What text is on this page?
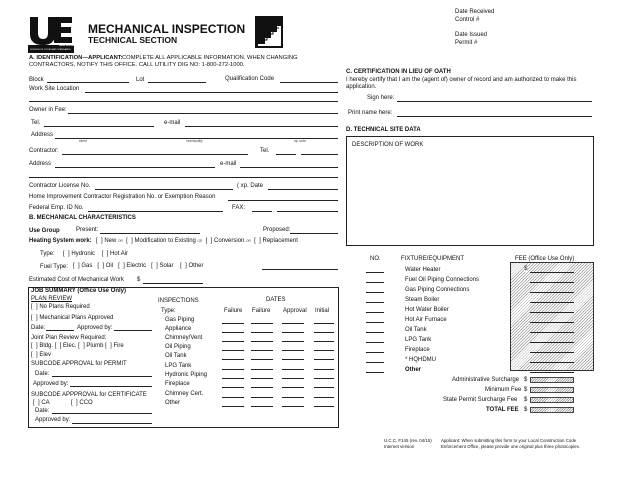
NEW JERSEY
DIVISION OF CODES AND STANDARDS
MECHANICAL INSPECTION
TECHNICAL SECTION
Date Received
Control #
Date Issued
Permit #
A. IDENTIFICATION—APPLICANT: COMPLETE ALL APPLICABLE INFORMATION. WHEN CHANGING
CONTRACTORS, NOTIFY THIS OFFICE. CALL UTILITY DIG NO: 1-800-272-1000.
Block	Lot	Qualification Code
Work Site Location
Owner in Fee:
Tel.	e-mail
Address
street	municipality	zip code
Contractor:	Tel.
Address	e-mail
Contractor License No.	( xp. Date
Home Improvement Contractor Registration No. or Exemption Reason
Federal Emp. ID No.	FAX:
B. MECHANICAL CHARACTERISTICS
Use Group	Present:	Proposed:
Heating System work: [  ] New OR  [  ] Modification to Existing OR  [  ] Conversion OR  [  ] Replacement
Type: [  ] Hydronic    [  ] Hot Air
Fuel Type: [  ] Gas   [  ] Oil   [  ] Electric   [  ] Solar    [  ] Other
Estimated Cost of Mechanical Work $
JOB SUMMARY (Office Use Only)
PLAN REVIEW
[  ] No Plans Required
[  ] Mechanical Plans Approved
Date:	Approved by:
Joint Plan Review Required:
[  ] Bldg. [  ] Elec. [  ] Plumb [  ] Fire
[  ] Elev
SUBCODE APPROVAL for PERMIT
Date:
Approved by:
SUBCODE APPPROVAL for CERTIFICATE
[  ] CA             [  ] CCO
Date:
Approved by:
INSPECTIONS	DATES
Type:	Failure Failure Approval Initial
Gas Piping
Appliance
Chimney/Vent
Oil Piping
Oil Tank
LPG Tank
Hydronic Piping
Fireplace
Chimney Cert.
Other
C. CERTIFICATION IN LIEU OF OATH
I hereby certify that I am the (agent of) owner of record and am authorized to make this
application.
Sign here:
Print name here:
D. TECHNICAL SITE DATA
DESCRIPTION OF WORK
NO.	FIXTURE/EQUIPMENT	FEE (Office Use Only)
$
Water Heater
Fuel Oil Piping Connections
Gas Piping Connections
Steam Boiler
Hot Water Boiler
Hot Air Furnace
Oil Tank
LPG Tank
Fireplace
* HQHDMU
Other
Administrative Surcharge $
Minimum Fee $
State Permit Surcharge Fee $
TOTAL FEE $
U.C.C. F145 (rev. 04/15)
Internet version
Applicant: When submitting this form to your Local Construction Code
Enforcement Office, please provide one original plus three photocopies.
